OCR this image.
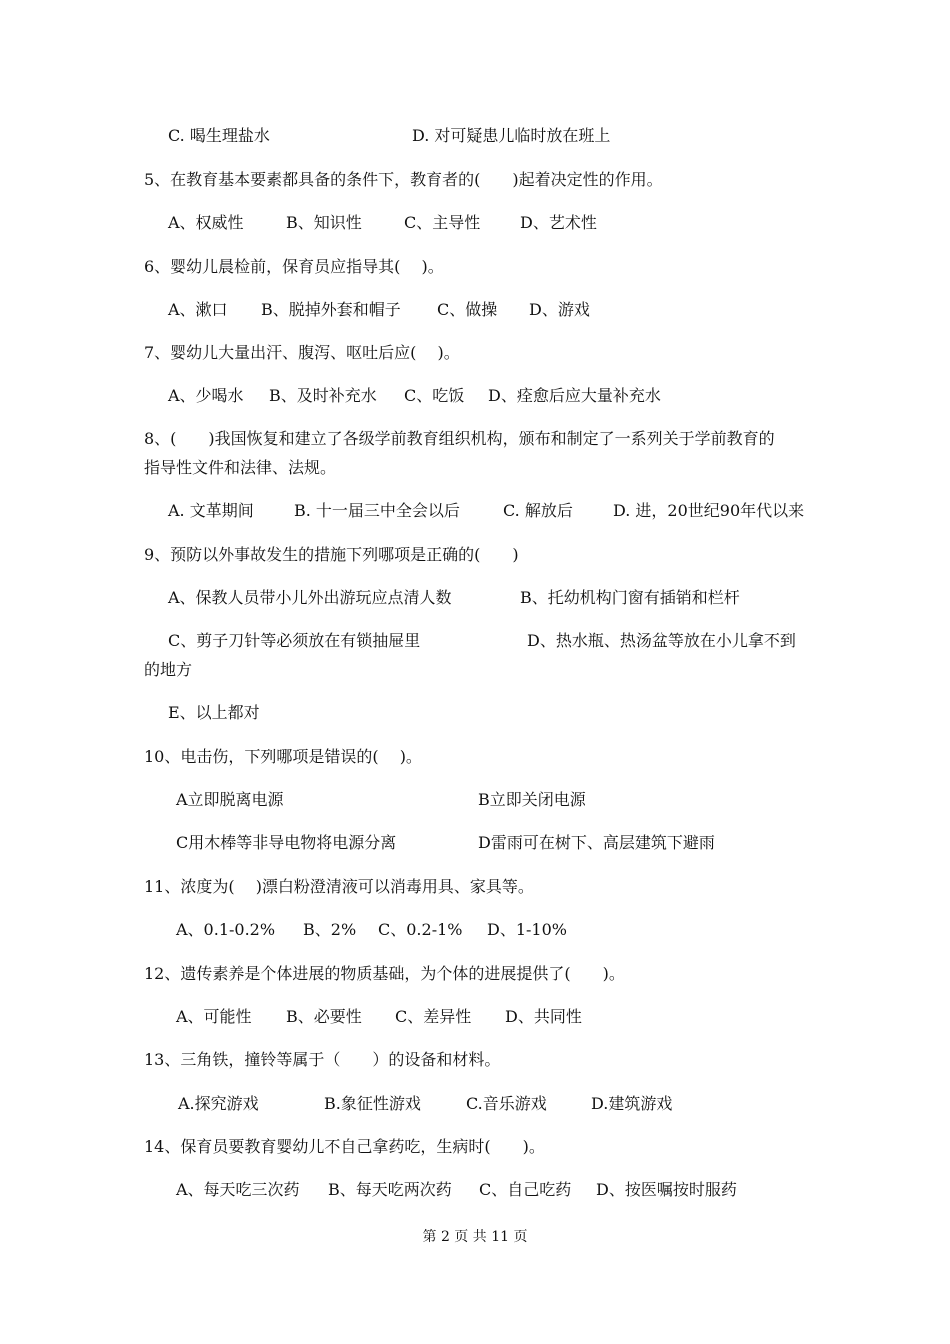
C. 喝生理盐水	D. 对可疑患儿临时放在班上
5、在教育基本要素都具备的条件下，教育者的(　　)起着决定性的作用。
A、权威性	B、知识性	C、主导性 D、艺术性
6、婴幼儿晨检前，保育员应指导其(　 )。
A、漱口 B、脱掉外套和帽子 C、做操 D、游戏
7、婴幼儿大量出汗、腹泻、呕吐后应(　 )。
A、少喝水 B、及时补充水 C、吃饭 D、痊愈后应大量补充水
8、(　　)我国恢复和建立了各级学前教育组织机构，颁布和制定了一系列关于学前教育的
指导性文件和法律、法规。
A. 文革期间	B. 十一届三中全会以后	C. 解放后	D. 进，20世纪90年代以来
9、预防以外事故发生的措施下列哪项是正确的(　　)
A、保教人员带小儿外出游玩应点清人数	B、托幼机构门窗有插销和栏杆
C、剪子刀针等必须放在有锁抽屉里	D、热水瓶、热汤盆等放在小儿拿不到
的地方
E、以上都对
10、电击伤，下列哪项是错误的(　 )。
A立即脱离电源	B立即关闭电源
C用木棒等非导电物将电源分离	D雷雨可在树下、高层建筑下避雨
11、浓度为(　 )漂白粉澄清液可以消毒用具、家具等。
A、0.1-0.2% B、2% C、0.2-1% D、1-10%
12、遗传素养是个体进展的物质基础，为个体的进展提供了(　　)。
A、可能性 B、必要性 C、差异性 D、共同性
13、三角铁，撞铃等属于（　　）的设备和材料。
A.探究游戏	B.象征性游戏	C.音乐游戏	D.建筑游戏
14、保育员要教育婴幼儿不自己拿药吃，生病时(　　)。
A、每天吃三次药 B、每天吃两次药 C、自己吃药 D、按医嘱按时服药
第 2 页 共 11 页
